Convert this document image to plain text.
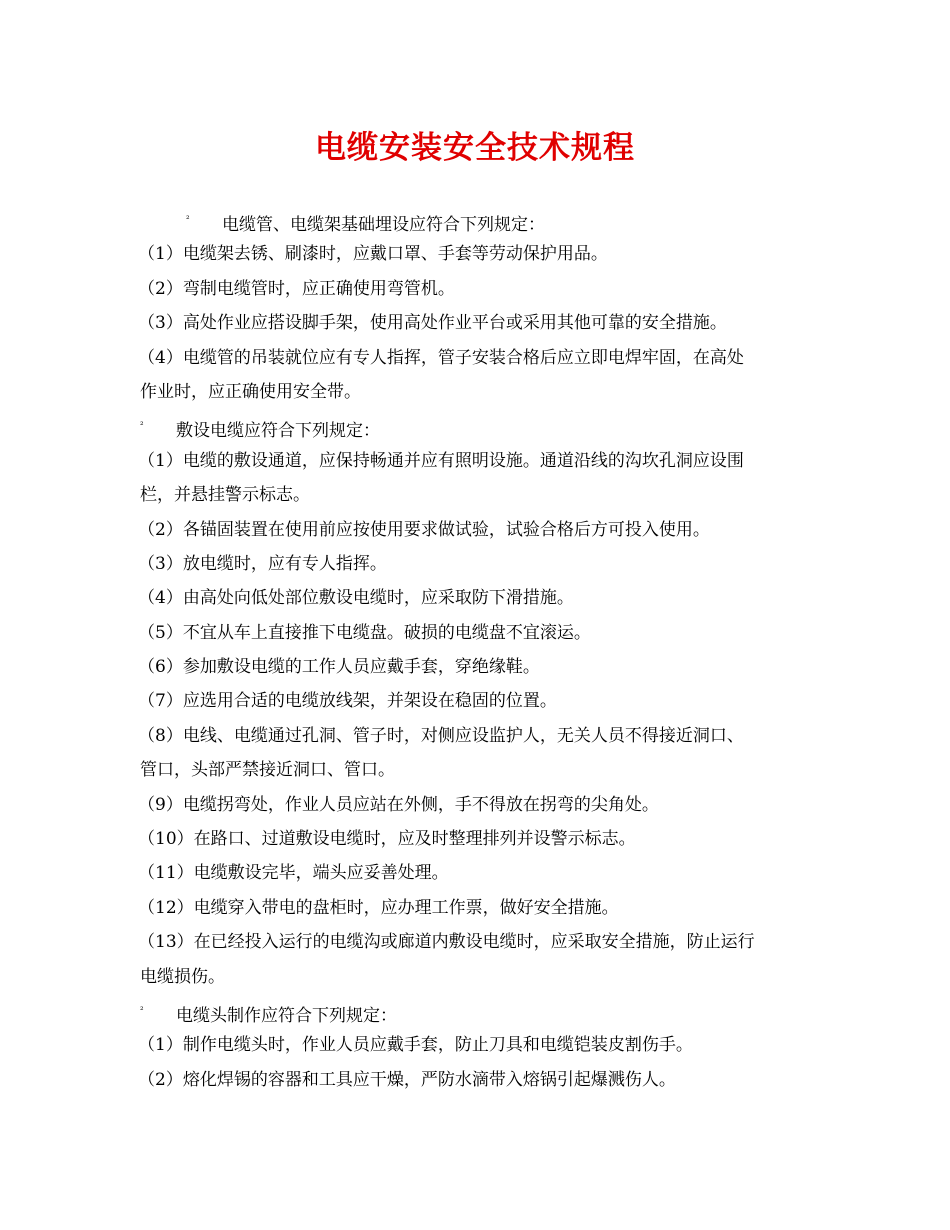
电缆安装安全技术规程
² 电缆管、电缆架基础埋设应符合下列规定：
（1）电缆架去锈、刷漆时，应戴口罩、手套等劳动保护用品。
（2）弯制电缆管时，应正确使用弯管机。
（3）高处作业应搭设脚手架，使用高处作业平台或采用其他可靠的安全措施。
（4）电缆管的吊装就位应有专人指挥，管子安装合格后应立即电焊牢固，在高处
作业时，应正确使用安全带。
² 敷设电缆应符合下列规定：
（1）电缆的敷设通道，应保持畅通并应有照明设施。通道沿线的沟坎孔洞应设围
栏，并悬挂警示标志。
（2）各锚固装置在使用前应按使用要求做试验，试验合格后方可投入使用。
（3）放电缆时，应有专人指挥。
（4）由高处向低处部位敷设电缆时，应采取防下滑措施。
（5）不宜从车上直接推下电缆盘。破损的电缆盘不宜滚运。
（6）参加敷设电缆的工作人员应戴手套，穿绝缘鞋。
（7）应选用合适的电缆放线架，并架设在稳固的位置。
（8）电线、电缆通过孔洞、管子时，对侧应设监护人，无关人员不得接近洞口、
管口，头部严禁接近洞口、管口。
（9）电缆拐弯处，作业人员应站在外侧，手不得放在拐弯的尖角处。
（10）在路口、过道敷设电缆时，应及时整理排列并设警示标志。
（11）电缆敷设完毕，端头应妥善处理。
（12）电缆穿入带电的盘柜时，应办理工作票，做好安全措施。
（13）在已经投入运行的电缆沟或廊道内敷设电缆时，应采取安全措施，防止运行
电缆损伤。
² 电缆头制作应符合下列规定：
（1）制作电缆头时，作业人员应戴手套，防止刀具和电缆铠装皮割伤手。
（2）熔化焊锡的容器和工具应干燥，严防水滴带入熔锅引起爆溅伤人。
